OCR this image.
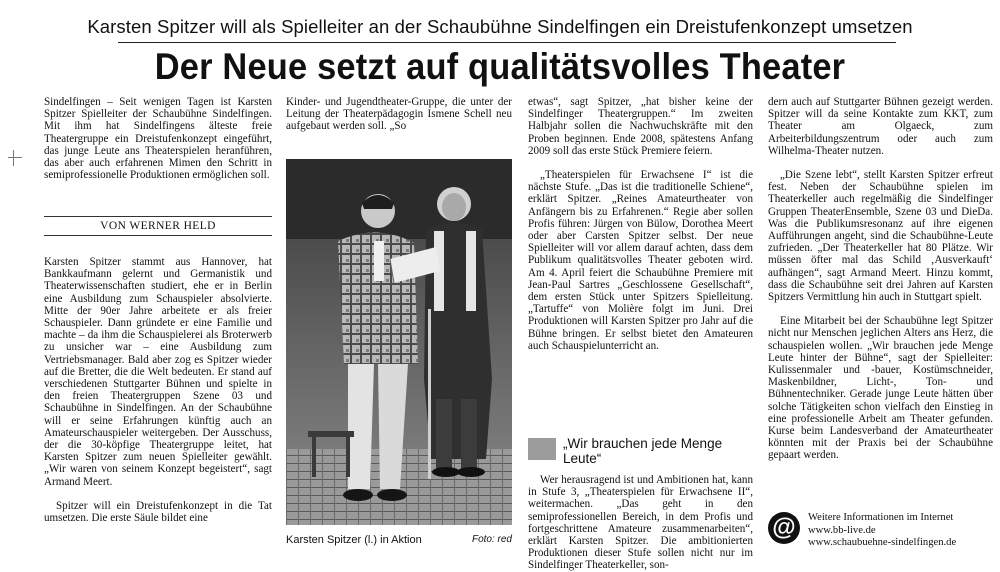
Karsten Spitzer will als Spielleiter an der Schaubühne Sindelfingen ein Dreistufenkonzept umsetzen
Der Neue setzt auf qualitätsvolles Theater

Sindelfingen – Seit wenigen Tagen ist Karsten Spitzer Spielleiter der Schaubühne Sindelfingen. Mit ihm hat Sindelfingens älteste freie Theatergruppe ein Dreistufenkonzept eingeführt, das junge Leute ans Theaterspielen heranführen, das aber auch erfahrenen Mimen den Schritt in semiprofessionelle Produktionen ermöglichen soll.

VON WERNER HELD

Karsten Spitzer stammt aus Hannover, hat Bankkaufmann gelernt und Germanistik und Theaterwissenschaften studiert, ehe er in Berlin eine Ausbildung zum Schauspieler absolvierte. Mitte der 90er Jahre arbeitete er als freier Schauspieler. Dann gründete er eine Familie und machte – da ihm die Schauspielerei als Broterwerb zu unsicher war – eine Ausbildung zum Vertriebsmanager. Bald aber zog es Spitzer wieder auf die Bretter, die die Welt bedeuten. Er stand auf verschiedenen Stuttgarter Bühnen und spielte in den freien Theatergruppen Szene 03 und Schaubühne in Sindelfingen. An der Schaubühne will er seine Erfahrungen künftig auch an Amateurschauspieler weitergeben. Der Ausschuss, der die 30-köpfige Theatergruppe leitet, hat Karsten Spitzer zum neuen Spielleiter gewählt. „Wir waren von seinem Konzept begeistert“, sagt Armand Meert.

Spitzer will ein Dreistufenkonzept in die Tat umsetzen. Die erste Säule bildet eine

Kinder- und Jugendtheater-Gruppe, die unter der Leitung der Theaterpädagogin Ismene Schell neu aufgebaut werden soll. „So

Karsten Spitzer (l.) in Aktion	Foto: red

etwas“, sagt Spitzer, „hat bisher keine der Sindelfinger Theatergruppen.“ Im zweiten Halbjahr sollen die Nachwuchskräfte mit den Proben beginnen. Ende 2008, spätestens Anfang 2009 soll das erste Stück Premiere feiern.

„Theaterspielen für Erwachsene I“ ist die nächste Stufe. „Das ist die traditionelle Schiene“, erklärt Spitzer. „Reines Amateurtheater von Anfängern bis zu Erfahrenen.“ Regie aber sollen Profis führen: Jürgen von Bülow, Dorothea Meert oder aber Carsten Spitzer selbst. Der neue Spielleiter will vor allem darauf achten, dass dem Publikum qualitätsvolles Theater geboten wird. Am 4. April feiert die Schaubühne Premiere mit Jean-Paul Sartres „Geschlossene Gesellschaft“, dem ersten Stück unter Spitzers Spielleitung. „Tartuffe“ von Molière folgt im Juni. Drei Produktionen will Karsten Spitzer pro Jahr auf die Bühne bringen. Er selbst bietet den Amateuren auch Schauspielunterricht an.

„Wir brauchen jede Menge Leute“

Wer herausragend ist und Ambitionen hat, kann in Stufe 3, „Theaterspielen für Erwachsene II“, weitermachen. „Das geht in den semiprofessionellen Bereich, in dem Profis und fortgeschrittene Amateure zusammenarbeiten“, erklärt Karsten Spitzer. Die ambitionierten Produktionen dieser Stufe sollen nicht nur im Sindelfinger Theaterkeller, son-

dern auch auf Stuttgarter Bühnen gezeigt werden. Spitzer will da seine Kontakte zum KKT, zum Theater am Olgaeck, zum Arbeiterbildungszentrum oder auch zum Wilhelma-Theater nutzen.

„Die Szene lebt“, stellt Karsten Spitzer erfreut fest. Neben der Schaubühne spielen im Theaterkeller auch regelmäßig die Sindelfinger Gruppen TheaterEnsemble, Szene 03 und DieDa. Was die Publikumsresonanz auf ihre eigenen Aufführungen angeht, sind die Schaubühne-Leute zufrieden. „Der Theaterkeller hat 80 Plätze. Wir müssen öfter mal das Schild ‚Ausverkauft‘ aufhängen“, sagt Armand Meert. Hinzu kommt, dass die Schaubühne seit drei Jahren auf Karsten Spitzers Vermittlung hin auch in Stuttgart spielt.

Eine Mitarbeit bei der Schaubühne legt Spitzer nicht nur Menschen jeglichen Alters ans Herz, die schauspielen wollen. „Wir brauchen jede Menge Leute hinter der Bühne“, sagt der Spielleiter: Kulissenmaler und -bauer, Kostümschneider, Maskenbildner, Licht-, Ton- und Bühnentechniker. Gerade junge Leute hätten über solche Tätigkeiten schon vielfach den Einstieg in eine professionelle Arbeit am Theater gefunden. Kurse beim Landesverband der Amateurtheater könnten mit der Praxis bei der Schaubühne gepaart werden.

@	Weitere Informationen im Internet
www.bb-live.de
www.schaubuehne-sindelfingen.de
